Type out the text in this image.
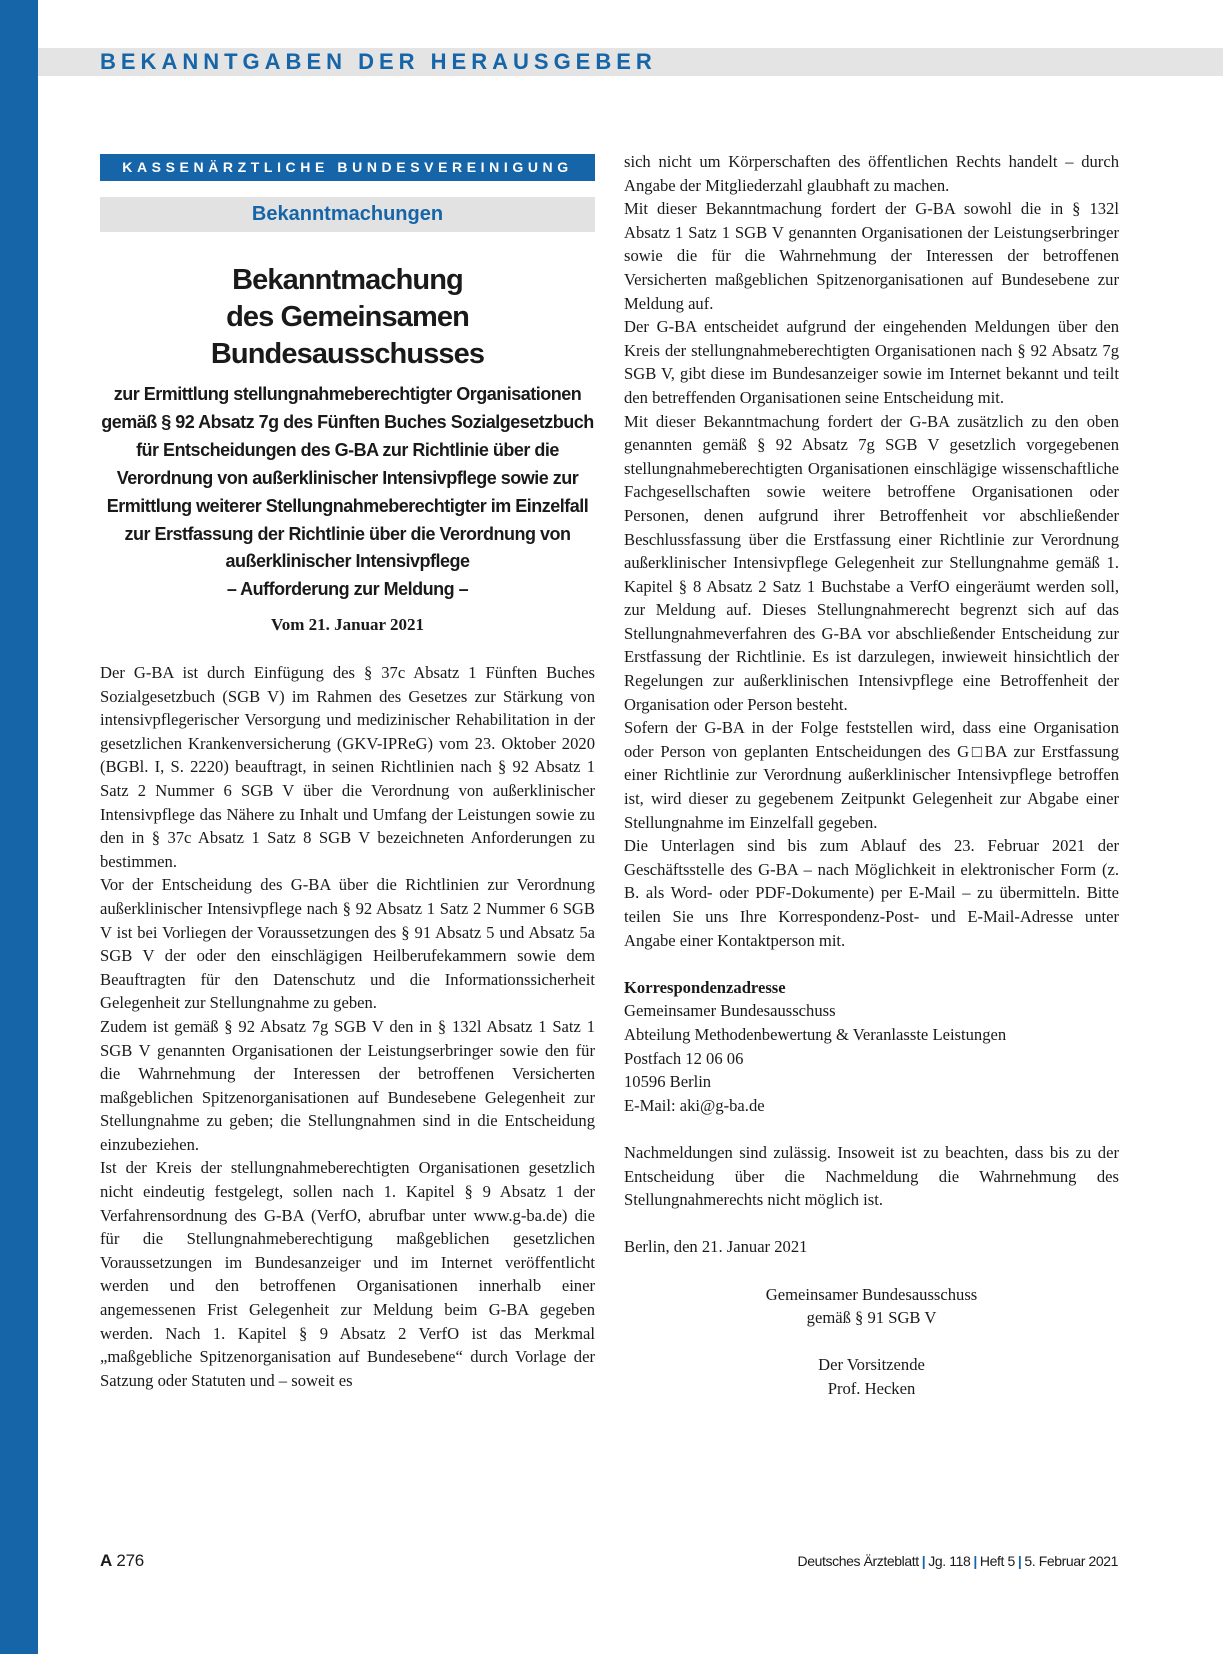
BEKANNTGABEN DER HERAUSGEBER
KASSENÄRZTLICHE BUNDESVEREINIGUNG
Bekanntmachungen
Bekanntmachung
des Gemeinsamen Bundesausschusses

zur Ermittlung stellungnahmeberechtigter Organisationen gemäß § 92 Absatz 7g des Fünften Buches Sozialgesetzbuch für Entscheidungen des G-BA zur Richtlinie über die Verordnung von außerklinischer Intensivpflege sowie zur Ermittlung weiterer Stellungnahmeberechtigter im Einzelfall zur Erstfassung der Richtlinie über die Verordnung von außerklinischer Intensivpflege
– Aufforderung zur Meldung –

Vom 21. Januar 2021

Der G-BA ist durch Einfügung des § 37c Absatz 1 Fünften Buches Sozialgesetzbuch (SGB V) im Rahmen des Gesetzes zur Stärkung von intensivpflegerischer Versorgung und medizinischer Rehabilitation in der gesetzlichen Krankenversicherung (GKV-IPReG) vom 23. Oktober 2020 (BGBl. I, S. 2220) beauftragt, in seinen Richtlinien nach § 92 Absatz 1 Satz 2 Nummer 6 SGB V über die Verordnung von außerklinischer Intensivpflege das Nähere zu Inhalt und Umfang der Leistungen sowie zu den in § 37c Absatz 1 Satz 8 SGB V bezeichneten Anforderungen zu bestimmen.

Vor der Entscheidung des G-BA über die Richtlinien zur Verordnung außerklinischer Intensivpflege nach § 92 Absatz 1 Satz 2 Nummer 6 SGB V ist bei Vorliegen der Voraussetzungen des § 91 Absatz 5 und Absatz 5a SGB V der oder den einschlägigen Heilberufekammern sowie dem Beauftragten für den Datenschutz und die Informationssicherheit Gelegenheit zur Stellungnahme zu geben.

Zudem ist gemäß § 92 Absatz 7g SGB V den in § 132l Absatz 1 Satz 1 SGB V genannten Organisationen der Leistungserbringer sowie den für die Wahrnehmung der Interessen der betroffenen Versicherten maßgeblichen Spitzenorganisationen auf Bundesebene Gelegenheit zur Stellungnahme zu geben; die Stellungnahmen sind in die Entscheidung einzubeziehen.

Ist der Kreis der stellungnahmeberechtigten Organisationen gesetzlich nicht eindeutig festgelegt, sollen nach 1. Kapitel § 9 Absatz 1 der Verfahrensordnung des G-BA (VerfO, abrufbar unter www.g-ba.de) die für die Stellungnahmeberechtigung maßgeblichen gesetzlichen Voraussetzungen im Bundesanzeiger und im Internet veröffentlicht werden und den betroffenen Organisationen innerhalb einer angemessenen Frist Gelegenheit zur Meldung beim G-BA gegeben werden. Nach 1. Kapitel § 9 Absatz 2 VerfO ist das Merkmal „maßgebliche Spitzenorganisation auf Bundesebene“ durch Vorlage der Satzung oder Statuten und – soweit es

sich nicht um Körperschaften des öffentlichen Rechts handelt – durch Angabe der Mitgliederzahl glaubhaft zu machen.

Mit dieser Bekanntmachung fordert der G-BA sowohl die in § 132l Absatz 1 Satz 1 SGB V genannten Organisationen der Leistungserbringer sowie die für die Wahrnehmung der Interessen der betroffenen Versicherten maßgeblichen Spitzenorganisationen auf Bundesebene zur Meldung auf.

Der G-BA entscheidet aufgrund der eingehenden Meldungen über den Kreis der stellungnahmeberechtigten Organisationen nach § 92 Absatz 7g SGB V, gibt diese im Bundesanzeiger sowie im Internet bekannt und teilt den betreffenden Organisationen seine Entscheidung mit.

Mit dieser Bekanntmachung fordert der G-BA zusätzlich zu den oben genannten gemäß § 92 Absatz 7g SGB V gesetzlich vorgegebenen stellungnahmeberechtigten Organisationen einschlägige wissenschaftliche Fachgesellschaften sowie weitere betroffene Organisationen oder Personen, denen aufgrund ihrer Betroffenheit vor abschließender Beschlussfassung über die Erstfassung einer Richtlinie zur Verordnung außerklinischer Intensivpflege Gelegenheit zur Stellungnahme gemäß 1. Kapitel § 8 Absatz 2 Satz 1 Buchstabe a VerfO eingeräumt werden soll, zur Meldung auf. Dieses Stellungnahmerecht begrenzt sich auf das Stellungnahmeverfahren des G-BA vor abschließender Entscheidung zur Erstfassung der Richtlinie. Es ist darzulegen, inwieweit hinsichtlich der Regelungen zur außerklinischen Intensivpflege eine Betroffenheit der Organisation oder Person besteht.

Sofern der G-BA in der Folge feststellen wird, dass eine Organisation oder Person von geplanten Entscheidungen des G□BA zur Erstfassung einer Richtlinie zur Verordnung außerklinischer Intensivpflege betroffen ist, wird dieser zu gegebenem Zeitpunkt Gelegenheit zur Abgabe einer Stellungnahme im Einzelfall gegeben.

Die Unterlagen sind bis zum Ablauf des 23. Februar 2021 der Geschäftsstelle des G-BA – nach Möglichkeit in elektronischer Form (z. B. als Word- oder PDF-Dokumente) per E-Mail – zu übermitteln. Bitte teilen Sie uns Ihre Korrespondenz-Post- und E-Mail-Adresse unter Angabe einer Kontaktperson mit.

Korrespondenzadresse

Gemeinsamer Bundesausschuss

Abteilung Methodenbewertung & Veranlasste Leistungen

Postfach 12 06 06

10596 Berlin

E-Mail: aki@g-ba.de

Nachmeldungen sind zulässig. Insoweit ist zu beachten, dass bis zu der Entscheidung über die Nachmeldung die Wahrnehmung des Stellungnahmerechts nicht möglich ist.

Berlin, den 21. Januar 2021

Gemeinsamer Bundesausschuss

gemäß § 91 SGB V

Der Vorsitzende

Prof. Hecken

A 276	Deutsches Ärzteblatt | Jg. 118 | Heft 5 | 5. Februar 2021
